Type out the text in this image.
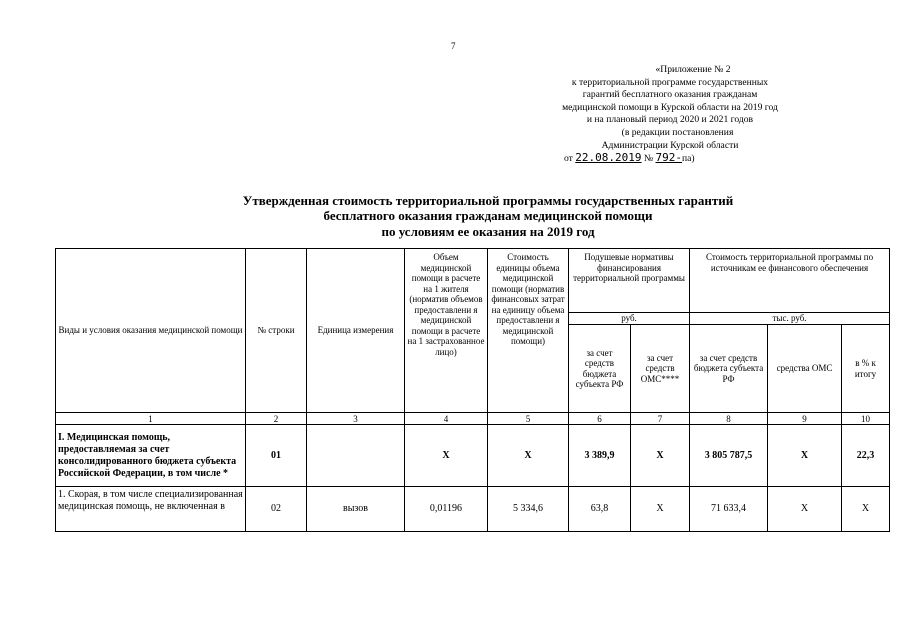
7
«Приложение № 2
к территориальной программе государственных
гарантий бесплатного оказания гражданам
медицинской помощи в Курской области на 2019 год
и на плановый период 2020 и 2021 годов
(в редакции постановления
Администрации Курской области
от 22.08.2019 № 792-па)
Утвержденная стоимость территориальной программы государственных гарантий
бесплатного оказания гражданам медицинской помощи
по условиям ее оказания на 2019 год
Виды и условия оказания медицинской помощи	№ строки	Единица измерения	Объем медицинской помощи в расчете на 1 жителя (норматив объемов предоставлени я медицинской помощи в расчете на 1 застрахованное лицо)	Стоимость единицы объема медицинской помощи (норматив финансовых затрат на единицу объема предоставлени я медицинской помощи)	Подушевые нормативы финансирования территориальной программы		Стоимость территориальной программы по источникам ее финансового обеспечения		
					руб.		тыс. руб.		
					за счет средств бюджета субъекта РФ	за счет средств ОМС****	за счет средств бюджета субъекта РФ	средства ОМС	в % к итогу
1	2	3	4	5	6	7	8	9	10
I. Медицинская помощь, предоставляемая за счет консолидированного бюджета субъекта Российской Федерации, в том числе *	01		Х	Х	3 389,9	Х	3 805 787,5	Х	22,3
1. Скорая, в том числе специализированная медицинская помощь, не включенная в	02	вызов	0,01196	5 334,6	63,8	Х	71 633,4	Х	Х
